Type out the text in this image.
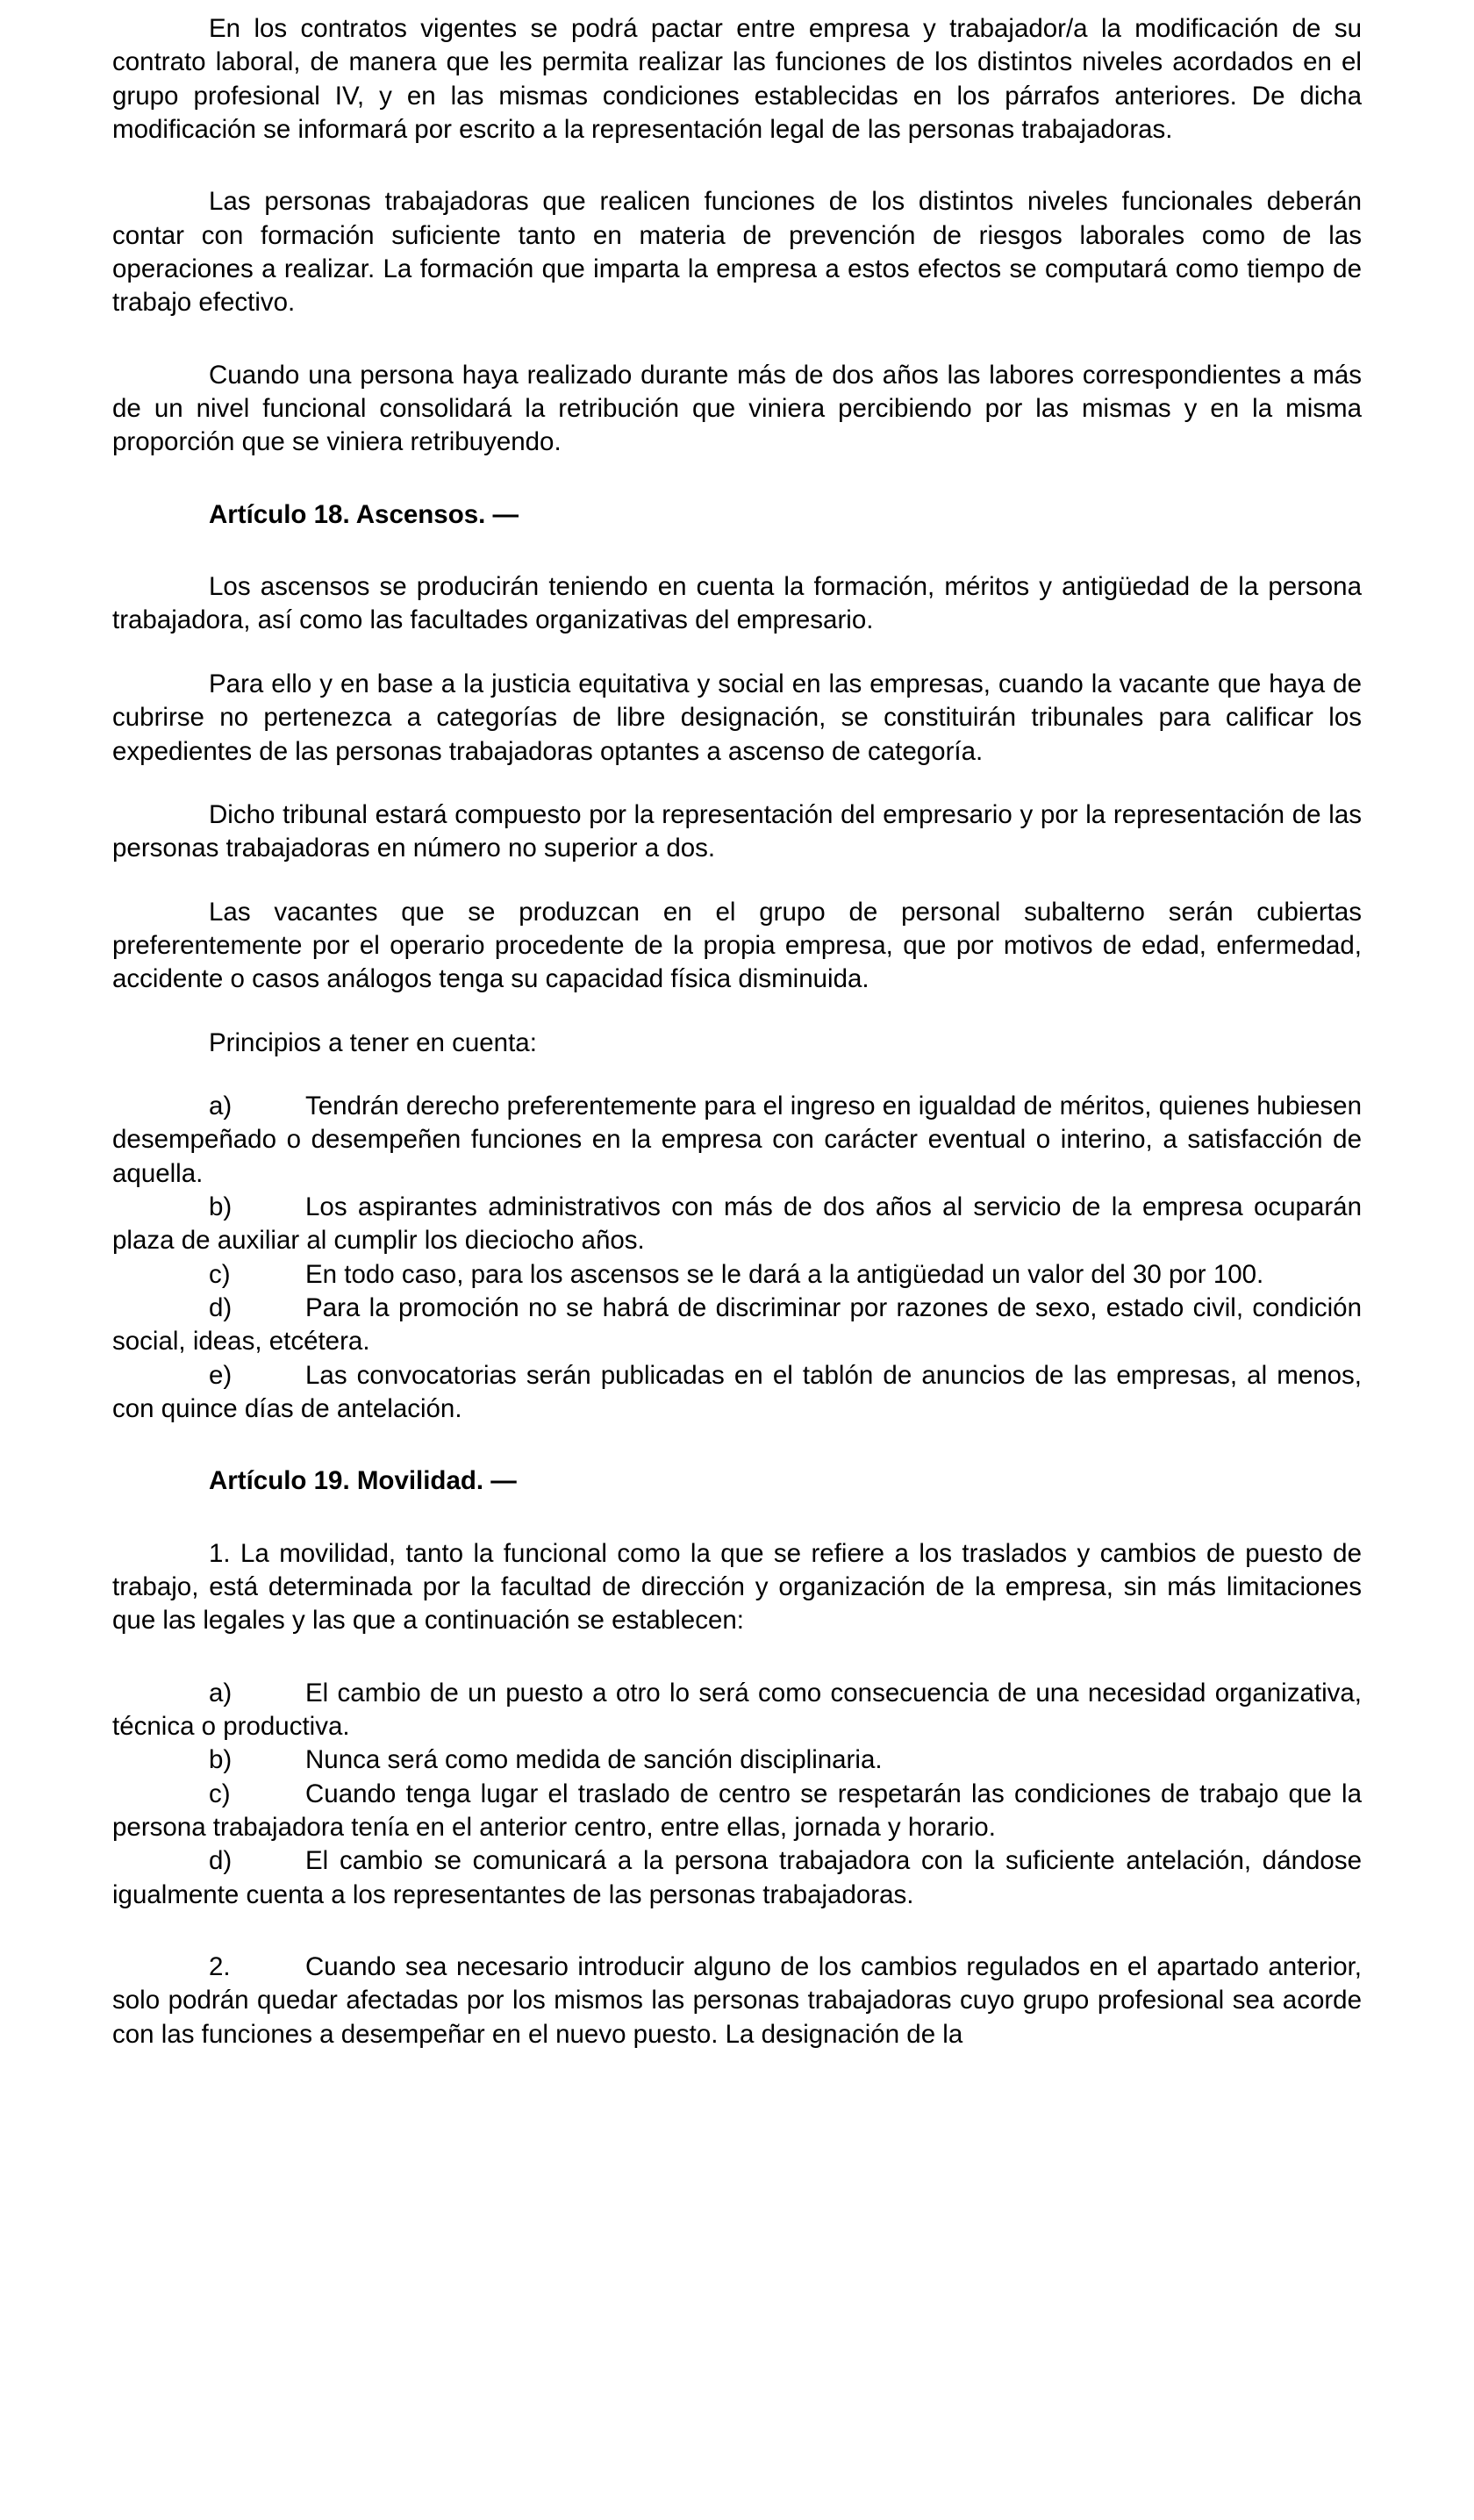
En los contratos vigentes se podrá pactar entre empresa y trabajador/a la modificación de su contrato laboral, de manera que les permita realizar las funciones de los distintos niveles acordados en el grupo profesional IV, y en las mismas condiciones establecidas en los párrafos anteriores. De dicha modificación se informará por escrito a la representación legal de las personas trabajadoras.

Las personas trabajadoras que realicen funciones de los distintos niveles funcionales deberán contar con formación suficiente tanto en materia de prevención de riesgos laborales como de las operaciones a realizar. La formación que imparta la empresa a estos efectos se computará como tiempo de trabajo efectivo.

Cuando una persona haya realizado durante más de dos años las labores correspondientes a más de un nivel funcional consolidará la retribución que viniera percibiendo por las mismas y en la misma proporción que se viniera retribuyendo.

Artículo 18. Ascensos. —

Los ascensos se producirán teniendo en cuenta la formación, méritos y antigüedad de la persona trabajadora, así como las facultades organizativas del empresario.

Para ello y en base a la justicia equitativa y social en las empresas, cuando la vacante que haya de cubrirse no pertenezca a categorías de libre designación, se constituirán tribunales para calificar los expedientes de las personas trabajadoras optantes a ascenso de categoría.

Dicho tribunal estará compuesto por la representación del empresario y por la representación de las personas trabajadoras en número no superior a dos.

Las vacantes que se produzcan en el grupo de personal subalterno serán cubiertas preferentemente por el operario procedente de la propia empresa, que por motivos de edad, enfermedad, accidente o casos análogos tenga su capacidad física disminuida.

Principios a tener en cuenta:

a)	Tendrán derecho preferentemente para el ingreso en igualdad de méritos, quienes hubiesen desempeñado o desempeñen funciones en la empresa con carácter eventual o interino, a satisfacción de aquella.

b)	Los aspirantes administrativos con más de dos años al servicio de la empresa ocuparán plaza de auxiliar al cumplir los dieciocho años.

c)	En todo caso, para los ascensos se le dará a la antigüedad un valor del 30 por 100.

d)	Para la promoción no se habrá de discriminar por razones de sexo, estado civil, condición social, ideas, etcétera.

e)	Las convocatorias serán publicadas en el tablón de anuncios de las empresas, al menos, con quince días de antelación.

Artículo 19. Movilidad. —

1. La movilidad, tanto la funcional como la que se refiere a los traslados y cambios de puesto de trabajo, está determinada por la facultad de dirección y organización de la empresa, sin más limitaciones que las legales y las que a continuación se establecen:

a)	El cambio de un puesto a otro lo será como consecuencia de una necesidad organizativa, técnica o productiva.

b)	Nunca será como medida de sanción disciplinaria.

c)	Cuando tenga lugar el traslado de centro se respetarán las condiciones de trabajo que la persona trabajadora tenía en el anterior centro, entre ellas, jornada y horario.

d)	El cambio se comunicará a la persona trabajadora con la suficiente antelación, dándose igualmente cuenta a los representantes de las personas trabajadoras.

2.	Cuando sea necesario introducir alguno de los cambios regulados en el apartado anterior, solo podrán quedar afectadas por los mismos las personas trabajadoras cuyo grupo profesional sea acorde con las funciones a desempeñar en el nuevo puesto. La designación de la
